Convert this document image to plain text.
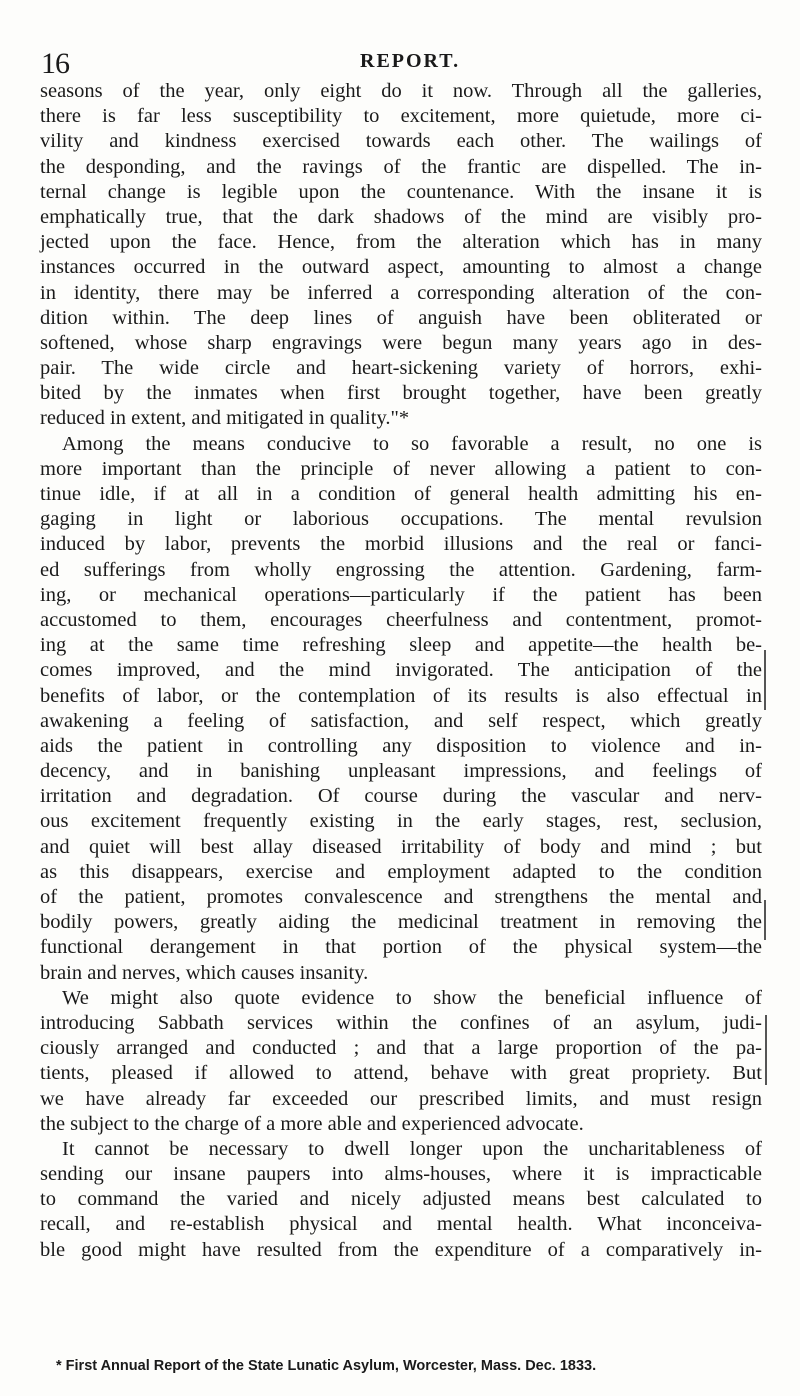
16	REPORT.
seasons of the year, only eight do it now. Through all the galleries,
there is far less susceptibility to excitement, more quietude, more ci-
vility and kindness exercised towards each other. The wailings of
the desponding, and the ravings of the frantic are dispelled. The in-
ternal change is legible upon the countenance. With the insane it is
emphatically true, that the dark shadows of the mind are visibly pro-
jected upon the face. Hence, from the alteration which has in many
instances occurred in the outward aspect, amounting to almost a change
in identity, there may be inferred a corresponding alteration of the con-
dition within. The deep lines of anguish have been obliterated or
softened, whose sharp engravings were begun many years ago in des-
pair. The wide circle and heart-sickening variety of horrors, exhi-
bited by the inmates when first brought together, have been greatly
reduced in extent, and mitigated in quality."*
Among the means conducive to so favorable a result, no one is
more important than the principle of never allowing a patient to con-
tinue idle, if at all in a condition of general health admitting his en-
gaging in light or laborious occupations. The mental revulsion
induced by labor, prevents the morbid illusions and the real or fanci-
ed sufferings from wholly engrossing the attention. Gardening, farm-
ing, or mechanical operations—particularly if the patient has been
accustomed to them, encourages cheerfulness and contentment, promot-
ing at the same time refreshing sleep and appetite—the health be-
comes improved, and the mind invigorated. The anticipation of the
benefits of labor, or the contemplation of its results is also effectual in
awakening a feeling of satisfaction, and self respect, which greatly
aids the patient in controlling any disposition to violence and in-
decency, and in banishing unpleasant impressions, and feelings of
irritation and degradation. Of course during the vascular and nerv-
ous excitement frequently existing in the early stages, rest, seclusion,
and quiet will best allay diseased irritability of body and mind ; but
as this disappears, exercise and employment adapted to the condition
of the patient, promotes convalescence and strengthens the mental and
bodily powers, greatly aiding the medicinal treatment in removing the
functional derangement in that portion of the physical system—the
brain and nerves, which causes insanity.
We might also quote evidence to show the beneficial influence of
introducing Sabbath services within the confines of an asylum, judi-
ciously arranged and conducted ; and that a large proportion of the pa-
tients, pleased if allowed to attend, behave with great propriety. But
we have already far exceeded our prescribed limits, and must resign
the subject to the charge of a more able and experienced advocate.
It cannot be necessary to dwell longer upon the uncharitableness of
sending our insane paupers into alms-houses, where it is impracticable
to command the varied and nicely adjusted means best calculated to
recall, and re-establish physical and mental health. What inconceiva-
ble good might have resulted from the expenditure of a comparatively in-
* First Annual Report of the State Lunatic Asylum, Worcester, Mass. Dec. 1833.
